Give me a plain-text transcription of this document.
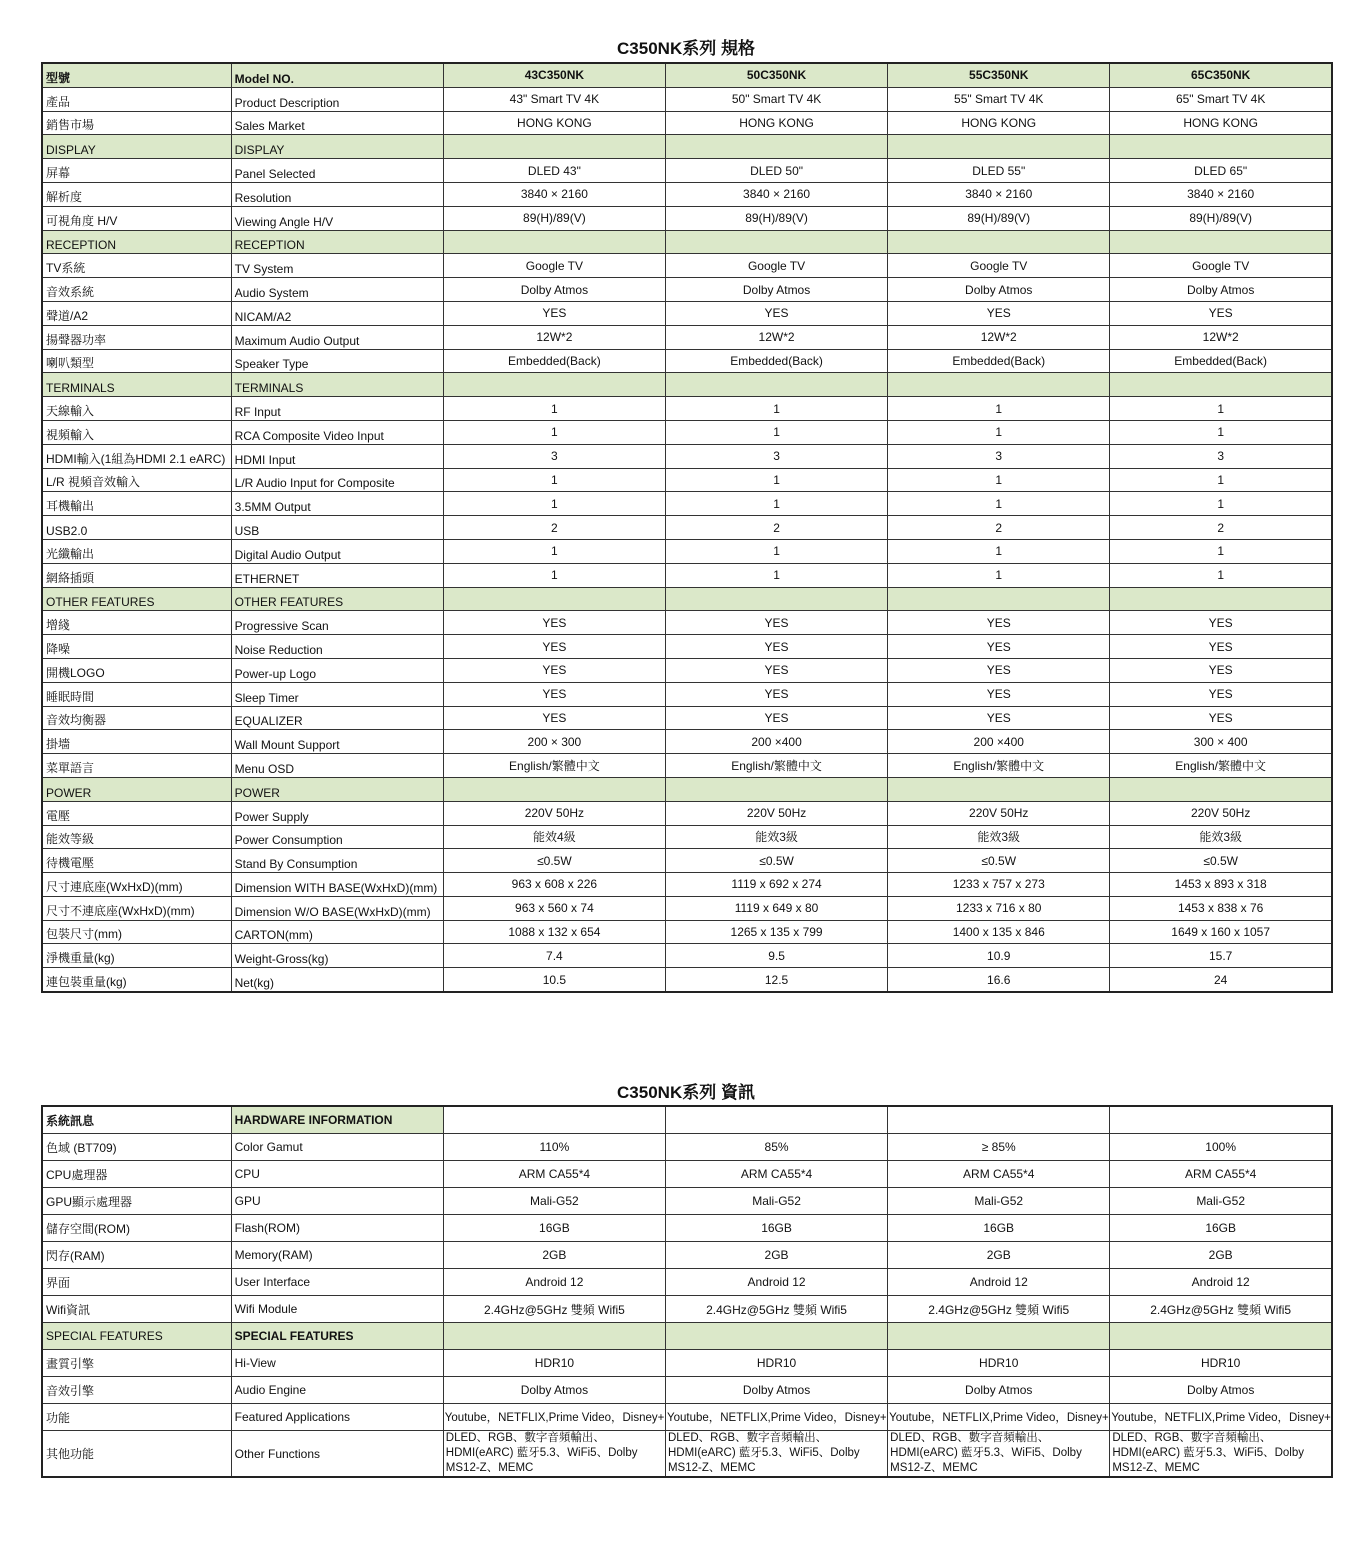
C350NK系列 規格
型號	Model NO.	43C350NK	50C350NK	55C350NK	65C350NK
產品	Product Description	43" Smart TV 4K	50" Smart TV 4K	55" Smart TV 4K	65" Smart TV 4K
銷售市場	Sales Market	HONG KONG	HONG KONG	HONG KONG	HONG KONG
DISPLAY	DISPLAY				
屏幕	Panel Selected	DLED 43"	DLED 50"	DLED 55"	DLED 65"
解析度	Resolution	3840 × 2160	3840 × 2160	3840 × 2160	3840 × 2160
可視角度 H/V	Viewing Angle H/V	89(H)/89(V)	89(H)/89(V)	89(H)/89(V)	89(H)/89(V)
RECEPTION	RECEPTION				
TV系統	TV System	Google TV	Google TV	Google TV	Google TV
音效系統	Audio System	Dolby Atmos	Dolby Atmos	Dolby Atmos	Dolby Atmos
聲道/A2	NICAM/A2	YES	YES	YES	YES
揚聲器功率	Maximum Audio Output	12W*2	12W*2	12W*2	12W*2
喇叭類型	Speaker Type	Embedded(Back)	Embedded(Back)	Embedded(Back)	Embedded(Back)
TERMINALS	TERMINALS				
天線輸入	RF Input	1	1	1	1
視頻輸入	RCA Composite Video Input	1	1	1	1
HDMI輸入(1組為HDMI 2.1 eARC)	HDMI Input	3	3	3	3
L/R 視頻音效輸入	L/R Audio Input for Composite	1	1	1	1
耳機輸出	3.5MM Output	1	1	1	1
USB2.0	USB	2	2	2	2
光纖輸出	Digital Audio Output	1	1	1	1
網絡插頭	ETHERNET	1	1	1	1
OTHER FEATURES	OTHER FEATURES				
增綫	Progressive Scan	YES	YES	YES	YES
降噪	Noise Reduction	YES	YES	YES	YES
開機LOGO	Power-up Logo	YES	YES	YES	YES
睡眠時間	Sleep Timer	YES	YES	YES	YES
音效均衡器	EQUALIZER	YES	YES	YES	YES
掛墻	Wall Mount Support	200 × 300	200 ×400	200 ×400	300 × 400
菜單語言	Menu OSD	English/繁體中文	English/繁體中文	English/繁體中文	English/繁體中文
POWER	POWER				
電壓	Power Supply	220V 50Hz	220V 50Hz	220V 50Hz	220V 50Hz
能效等級	Power Consumption	能效4級	能效3級	能效3級	能效3級
待機電壓	Stand By Consumption	≤0.5W	≤0.5W	≤0.5W	≤0.5W
尺寸連底座(WxHxD)(mm)	Dimension WITH BASE(WxHxD)(mm)	963 x 608 x 226	1119 x 692 x 274	1233 x 757 x 273	1453 x 893 x 318
尺寸不連底座(WxHxD)(mm)	Dimension W/O BASE(WxHxD)(mm)	963 x 560 x 74	1119 x 649 x 80	1233 x 716 x 80	1453 x 838 x 76
包裝尺寸(mm)	CARTON(mm)	1088 x 132 x 654	1265 x 135 x 799	1400 x 135 x 846	1649 x 160 x 1057
淨機重量(kg)	Weight-Gross(kg)	7.4	9.5	10.9	15.7
連包裝重量(kg)	Net(kg)	10.5	12.5	16.6	24
C350NK系列 資訊
系統訊息	HARDWARE INFORMATION				
色域 (BT709)	Color Gamut	110%	85%	≥ 85%	100%
CPU處理器	CPU	ARM CA55*4	ARM CA55*4	ARM CA55*4	ARM CA55*4
GPU顯示處理器	GPU	Mali-G52	Mali-G52	Mali-G52	Mali-G52
儲存空間(ROM)	Flash(ROM)	16GB	16GB	16GB	16GB
閃存(RAM)	Memory(RAM)	2GB	2GB	2GB	2GB
界面	User Interface	Android 12	Android 12	Android 12	Android 12
Wifi資訊	Wifi Module	2.4GHz@5GHz 雙頻 Wifi5	2.4GHz@5GHz 雙頻 Wifi5	2.4GHz@5GHz 雙頻 Wifi5	2.4GHz@5GHz 雙頻 Wifi5
SPECIAL FEATURES	SPECIAL FEATURES				
畫質引擎	Hi-View	HDR10	HDR10	HDR10	HDR10
音效引擎	Audio Engine	Dolby Atmos	Dolby Atmos	Dolby Atmos	Dolby Atmos
功能	Featured Applications	Youtube，NETFLIX,Prime Video，Disney+	Youtube，NETFLIX,Prime Video，Disney+	Youtube，NETFLIX,Prime Video，Disney+	Youtube，NETFLIX,Prime Video，Disney+
其他功能	Other Functions	DLED、RGB、數字音頻輸出、HDMI(eARC) 藍牙5.3、WiFi5、Dolby MS12-Z、MEMC	DLED、RGB、數字音頻輸出、HDMI(eARC) 藍牙5.3、WiFi5、Dolby MS12-Z、MEMC	DLED、RGB、數字音頻輸出、HDMI(eARC) 藍牙5.3、WiFi5、Dolby MS12-Z、MEMC	DLED、RGB、數字音頻輸出、HDMI(eARC) 藍牙5.3、WiFi5、Dolby MS12-Z、MEMC
